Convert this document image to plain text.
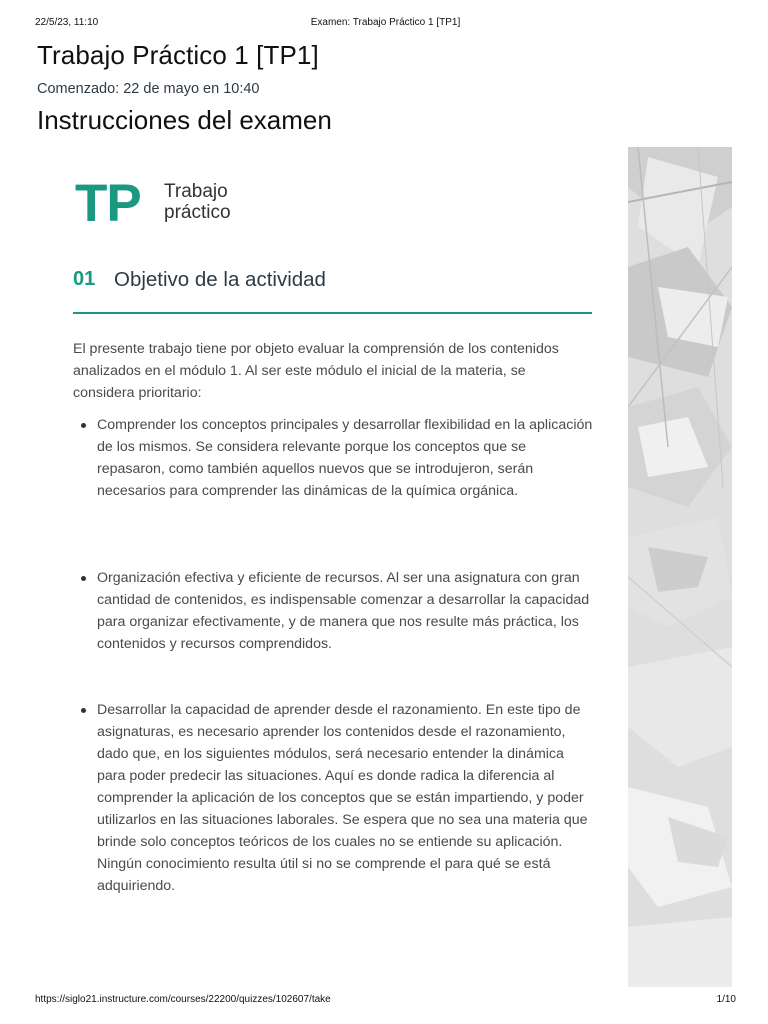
22/5/23, 11:10	Examen: Trabajo Práctico 1 [TP1]
Trabajo Práctico 1 [TP1]
Comenzado: 22 de mayo en 10:40
Instrucciones del examen
TP Trabajo
práctico
01 Objetivo de la actividad

El presente trabajo tiene por objeto evaluar la comprensión de los contenidos analizados en el módulo 1. Al ser este módulo el inicial de la materia, se considera prioritario:

Comprender los conceptos principales y desarrollar flexibilidad en la aplicación de los mismos. Se considera relevante porque los conceptos que se repasaron, como también aquellos nuevos que se introdujeron, serán necesarios para comprender las dinámicas de la química orgánica.
Organización efectiva y eficiente de recursos. Al ser una asignatura con gran cantidad de contenidos, es indispensable comenzar a desarrollar la capacidad para organizar efectivamente, y de manera que nos resulte más práctica, los contenidos y recursos comprendidos.
Desarrollar la capacidad de aprender desde el razonamiento. En este tipo de asignaturas, es necesario aprender los contenidos desde el razonamiento, dado que, en los siguientes módulos, será necesario entender la dinámica para poder predecir las situaciones. Aquí es donde radica la diferencia al comprender la aplicación de los conceptos que se están impartiendo, y poder utilizarlos en las situaciones laborales. Se espera que no sea una materia que brinde solo conceptos teóricos de los cuales no se entiende su aplicación. Ningún conocimiento resulta útil si no se comprende el para qué se está adquiriendo.
https://siglo21.instructure.com/courses/22200/quizzes/102607/take	1/10
